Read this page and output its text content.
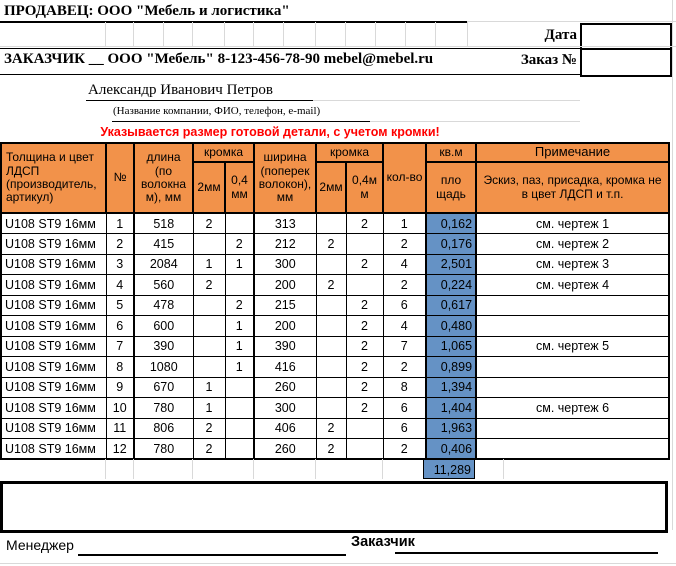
ПРОДАВЕЦ: ООО "Мебель и логистика"
Дата
ЗАКАЗЧИК __ ООО "Мебель" 8-123-456-78-90 mebel@mebel.ru	Заказ №
Александр Иванович Петров
(Название компании, ФИО, телефон, e-mail)
Указывается размер готовой детали, с учетом кромки!
Толщина и цвет ЛДСП (производитель, артикул)	№	длина (по волокнам), мм	кромка		ширина (поперек волокон), мм	кромка		кол-во	кв.м	Примечание
			2мм	0,4мм		2мм	0,4мм		пло щадь	Эскиз, паз, присадка, кромка не в цвет ЛДСП и т.п.
U108 ST9 16мм	1	518	2		313		2	1	0,162	см. чертеж 1
U108 ST9 16мм	2	415		2	212	2		2	0,176	см. чертеж 2
U108 ST9 16мм	3	2084	1	1	300		2	4	2,501	см. чертеж 3
U108 ST9 16мм	4	560	2		200	2		2	0,224	см. чертеж 4
U108 ST9 16мм	5	478		2	215		2	6	0,617	
U108 ST9 16мм	6	600		1	200		2	4	0,480	
U108 ST9 16мм	7	390		1	390		2	7	1,065	см. чертеж 5
U108 ST9 16мм	8	1080		1	416		2	2	0,899	
U108 ST9 16мм	9	670	1		260		2	8	1,394	
U108 ST9 16мм	10	780	1		300		2	6	1,404	см. чертеж 6
U108 ST9 16мм	11	806	2		406	2		6	1,963	
U108 ST9 16мм	12	780	2		260	2		2	0,406	
11,289
Менеджер	Заказчик
